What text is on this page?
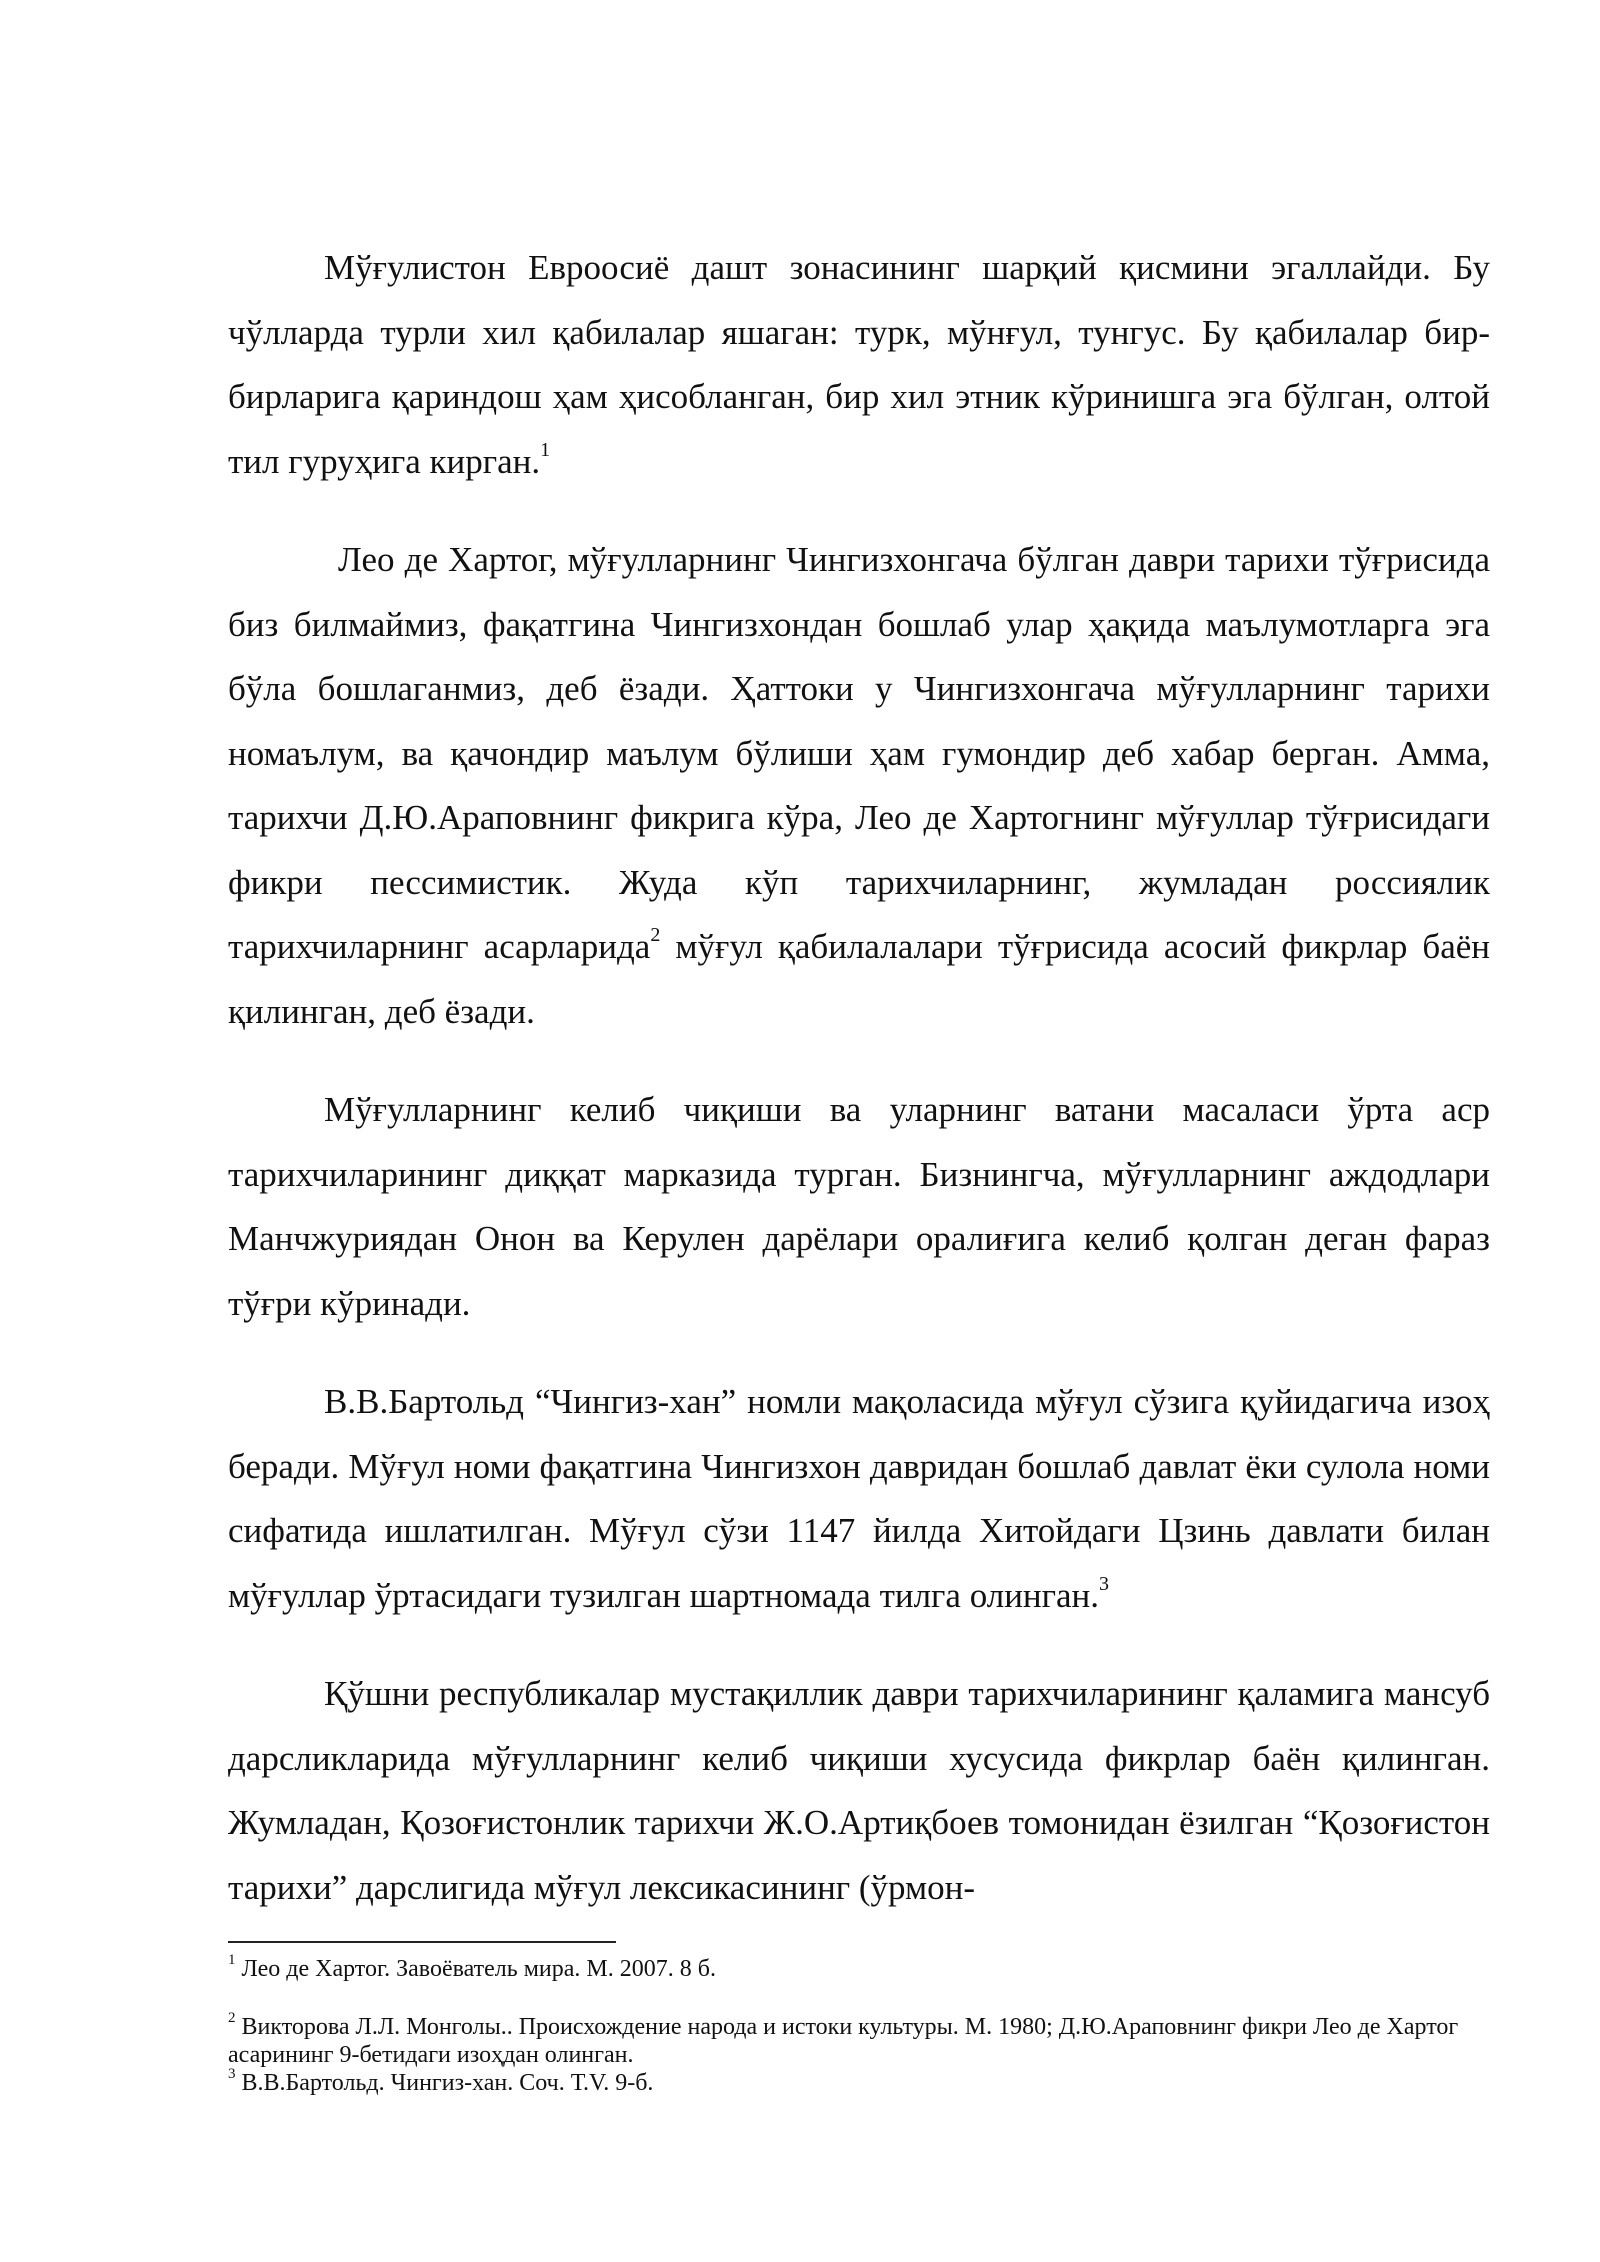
Мўғулистон Евроосиё дашт зонасининг шарқий қисмини эгаллайди. Бу чўлларда турли хил қабилалар яшаган: турк, мўнғул, тунгус. Бу қабилалар бир-бирларига қариндош ҳам ҳисобланган, бир хил этник кўринишга эга бўлган, олтой тил гуруҳига кирган.$^1$

Лео де Хартог, мўғулларнинг Чингизхонгача бўлган даври тарихи тўғрисида биз билмаймиз, фақатгина Чингизхондан бошлаб улар ҳақида маълумотларга эга бўла бошлаганмиз, деб ёзади. Ҳаттоки у Чингизхонгача мўғулларнинг тарихи номаълум, ва қачондир маълум бўлиши ҳам гумондир деб хабар берган. Амма, тарихчи Д.Ю.Араповнинг фикрига кўра, Лео де Хартогнинг мўғуллар тўғрисидаги фикри пессимистик. Жуда кўп тарихчиларнинг, жумладан россиялик тарихчиларнинг асарларида$^2$ мўғул қабилалалари тўғрисида асосий фикрлар баён қилинган, деб ёзади.

Мўғулларнинг келиб чиқиши ва уларнинг ватани масаласи ўрта аср тарихчиларининг диққат марказида турган. Бизнингча, мўғулларнинг аждодлари Манчжуриядан Онон ва Керулен дарёлари оралиғига келиб қолган деган фараз тўғри кўринади.

В.В.Бартольд “Чингиз-хан” номли мақоласида мўғул сўзига қуйидагича изоҳ беради. Мўғул номи фақатгина Чингизхон давридан бошлаб давлат ёки сулола номи сифатида ишлатилган. Мўғул сўзи 1147 йилда Хитойдаги Цзинь давлати билан мўғуллар ўртасидаги тузилган шартномада тилга олинган.$^3$

Қўшни республикалар мустақиллик даври тарихчиларининг қаламига мансуб дарсликларида мўғулларнинг келиб чиқиши хусусида фикрлар баён қилинган. Жумладан, Қозоғистонлик тарихчи Ж.О.Артиқбоев томонидан ёзилган “Қозоғистон тарихи” дарслигида мўғул лексикасининг (ўрмон-

$^1$ Лео де Хартог. Завоёватель мира. М. 2007. 8 б.

$^2$ Викторова Л.Л. Монголы.. Происхождение народа и истоки культуры. М. 1980; Д.Ю.Араповнинг фикри Лео де Хартог асарининг 9-бетидаги изоҳдан олинган.

$^3$ В.В.Бартольд. Чингиз-хан. Соч. Т.V. 9-б.
